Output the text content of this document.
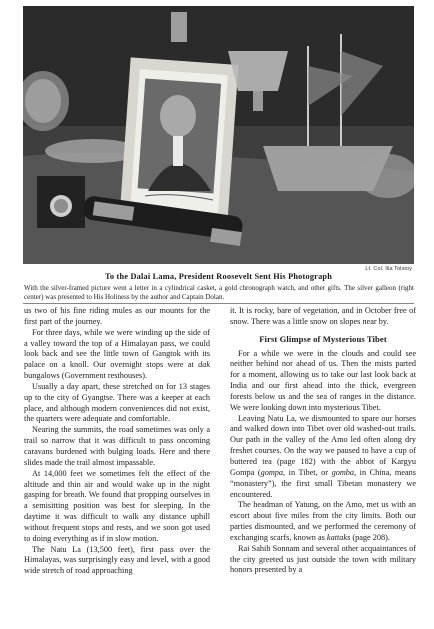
Lt. Col. Ilia Tolstoy
To the Dalai Lama, President Roosevelt Sent His Photograph
With the silver-framed picture went a letter in a cylindrical casket, a gold chronograph watch, and other gifts. The silver galleon (right center) was presented to His Holiness by the author and Captain Dolan.

us two of his fine riding mules as our mounts for the first part of the journey.

For three days, while we were winding up the side of a valley toward the top of a Himalayan pass, we could look back and see the little town of Gangtok with its palace on a knoll. Our overnight stops were at dak bungalows (Government resthouses).

Usually a day apart, these stretched on for 13 stages up to the city of Gyangtse. There was a keeper at each place, and although modern conveniences did not exist, the quarters were adequate and comfortable.

Nearing the summits, the road sometimes was only a trail so narrow that it was difficult to pass oncoming caravans burdened with bulging loads. Here and there slides made the trail almost impassable.

At 14,000 feet we sometimes felt the effect of the altitude and thin air and would wake up in the night gasping for breath. We found that propping ourselves in a semisitting position was best for sleeping. In the daytime it was difficult to walk any distance uphill without frequent stops and rests, and we soon got used to doing everything as if in slow motion.

The Natu La (13,500 feet), first pass over the Himalayas, was surprisingly easy and level, with a good wide stretch of road approaching

it. It is rocky, bare of vegetation, and in October free of snow. There was a little snow on slopes near by.

First Glimpse of Mysterious Tibet

For a while we were in the clouds and could see neither behind nor ahead of us. Then the mists parted for a moment, allowing us to take our last look back at India and our first ahead into the thick, evergreen forests below us and the sea of ranges in the distance. We were looking down into mysterious Tibet.

Leaving Natu La, we dismounted to spare our horses and walked down into Tibet over old washed-out trails. Our path in the valley of the Amo led often along dry freshet courses. On the way we paused to have a cup of buttered tea (page 182) with the abbot of Kargyu Gompa (gompa, in Tibet, or gomba, in China, means “monastery”), the first small Tibetan monastery we encountered.

The headman of Yatung, on the Amo, met us with an escort about five miles from the city limits. Both our parties dismounted, and we performed the ceremony of exchanging scarfs, known as kattaks (page 208).

Rai Sahib Sonnam and several other acquaintances of the city greeted us just outside the town with military honors presented by a
